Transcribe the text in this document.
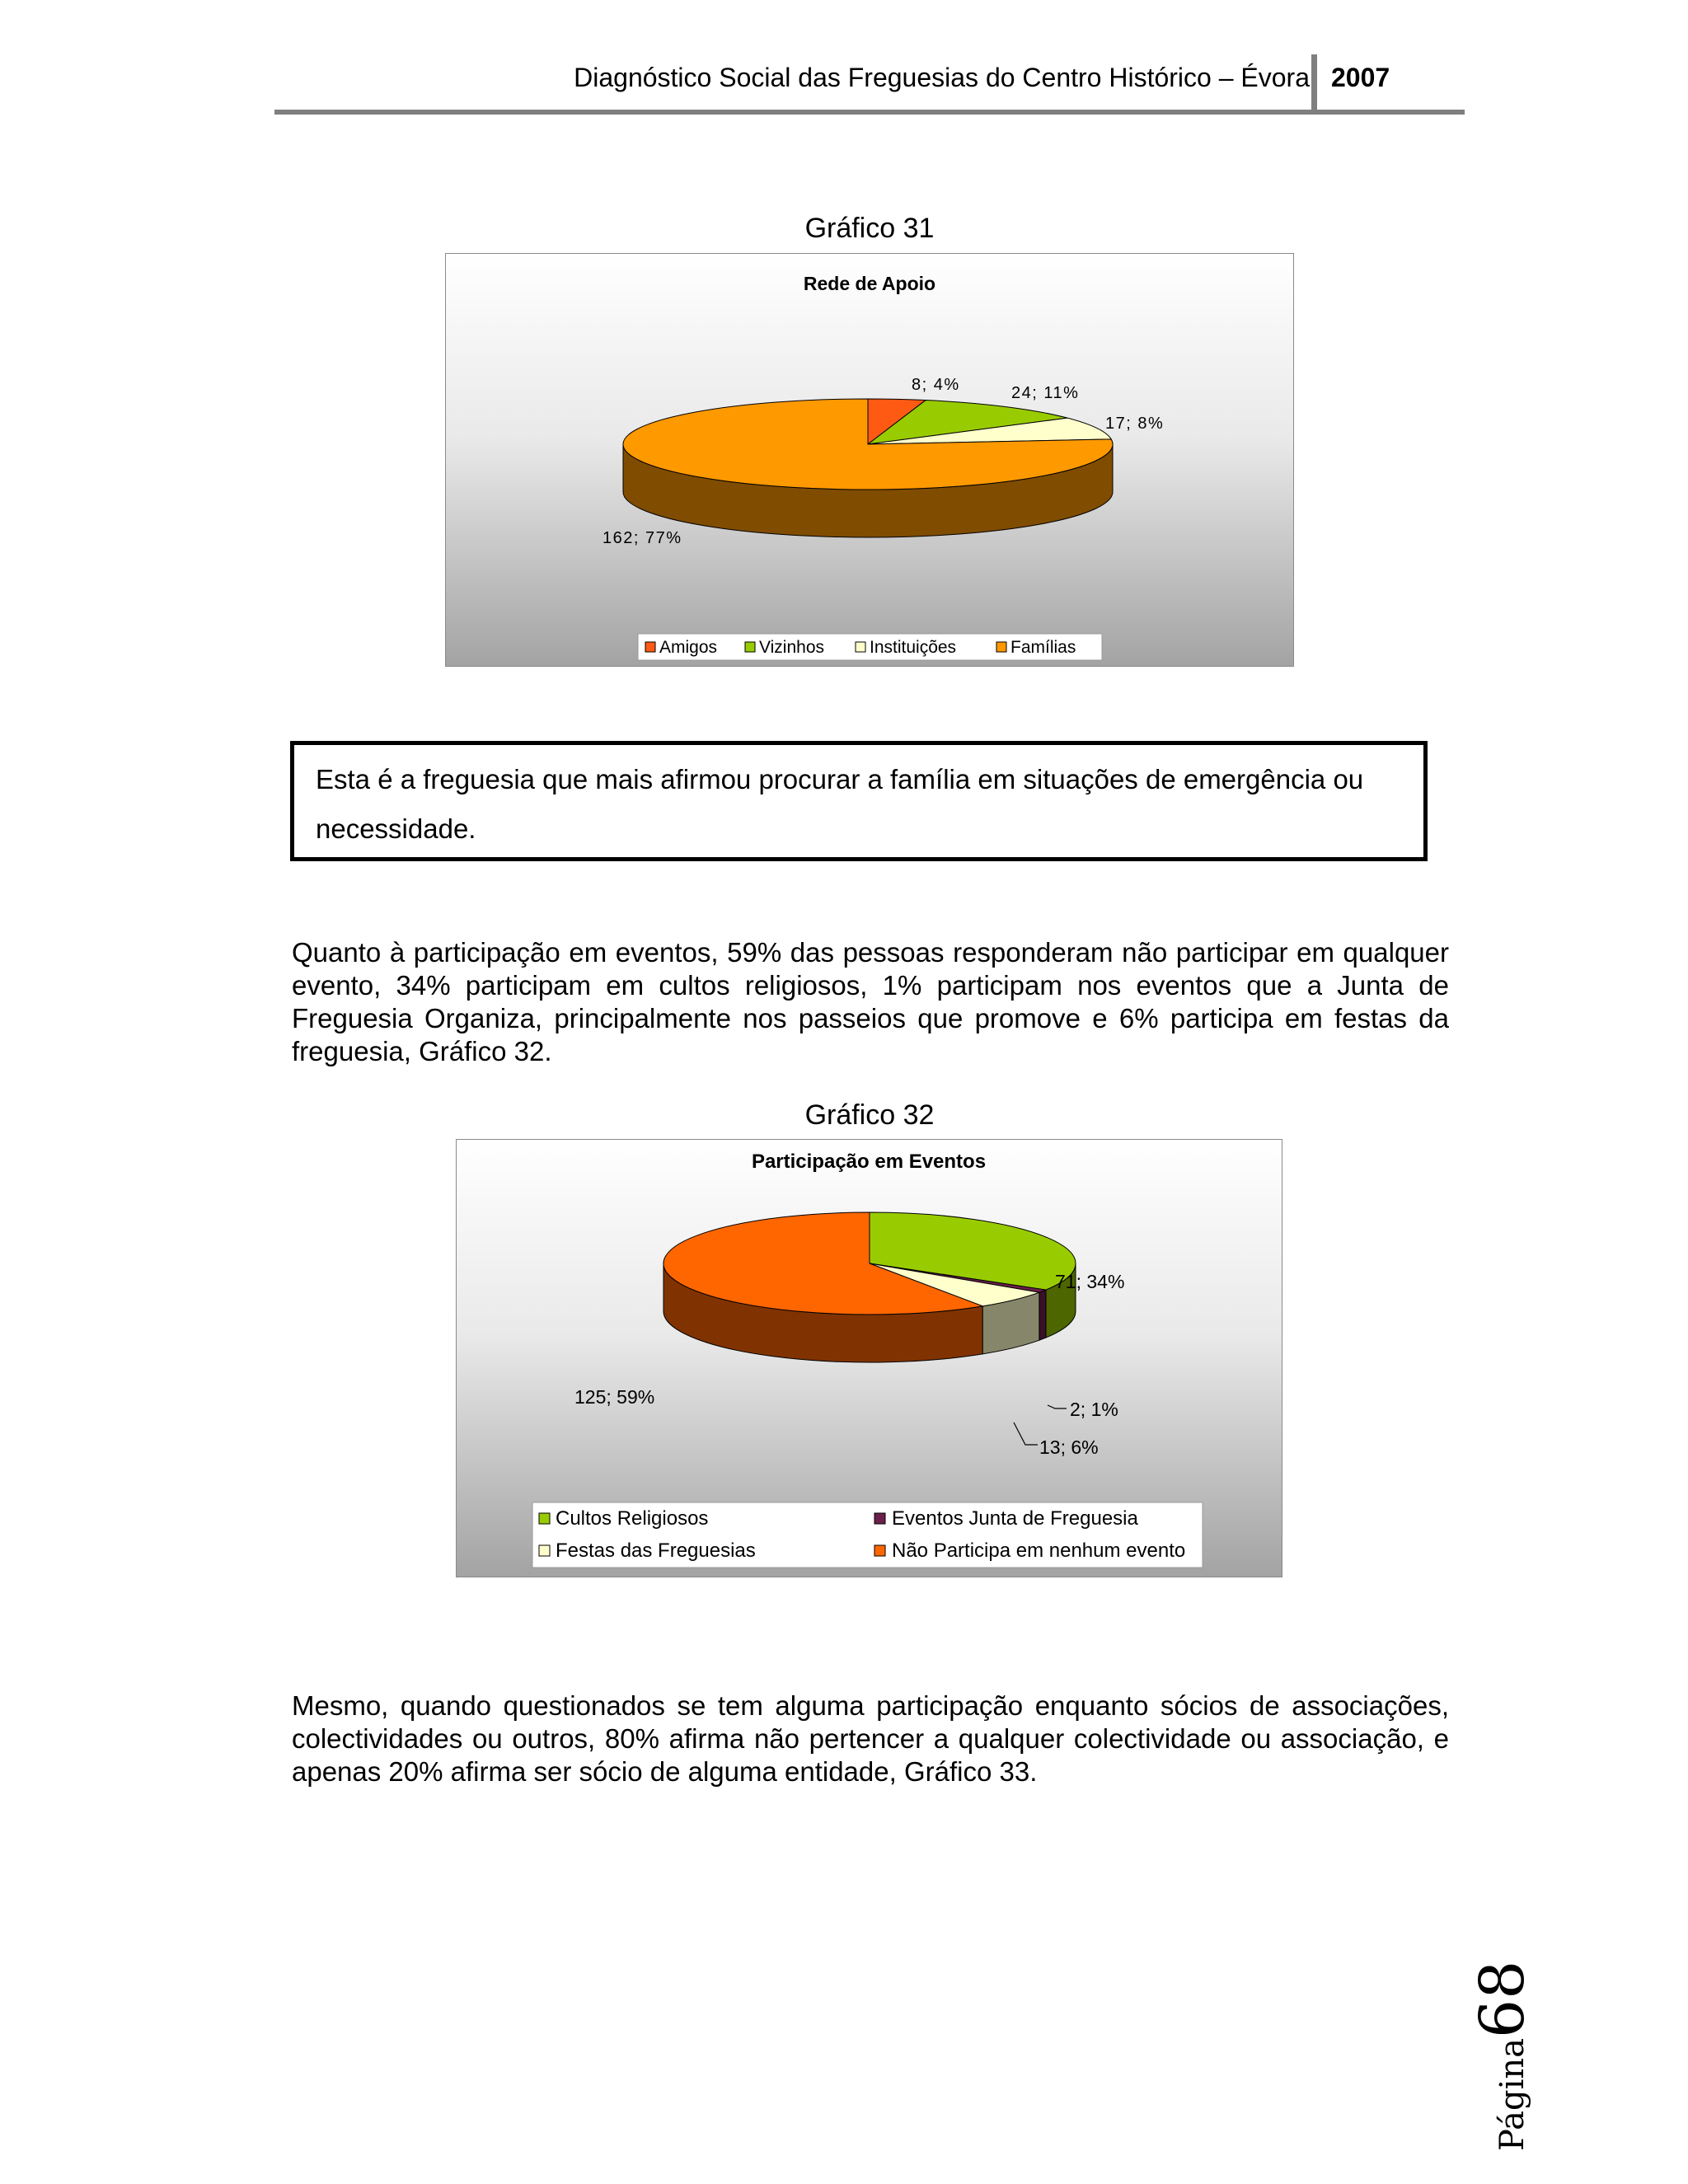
Diagnóstico Social das Freguesias do Centro Histórico – Évora 2007
Gráfico 31
Rede de Apoio
8; 4%	24; 11%
17; 8%
162; 77%
Amigos Vizinhos	Instituições	Famílias
Esta é a freguesia que mais afirmou procurar a família em situações de emergência ou necessidade.
Quanto à participação em eventos, 59% das pessoas responderam não participar em qualquer evento, 34% participam em cultos religiosos, 1% participam nos eventos que a Junta de Freguesia Organiza, principalmente nos passeios que promove e 6% participa em festas da freguesia, Gráfico 32.
Gráfico 32
Participação em Eventos
71; 34%
2; 1%
13; 6%
125; 59%
Cultos Religiosos	Eventos Junta de Freguesia
Festas das Freguesias	Não Participa em nenhum evento
Mesmo, quando questionados se tem alguma participação enquanto sócios de associações, colectividades ou outros, 80% afirma não pertencer a qualquer colectividade ou associação, e apenas 20% afirma ser sócio de alguma entidade, Gráfico 33.
Página68
